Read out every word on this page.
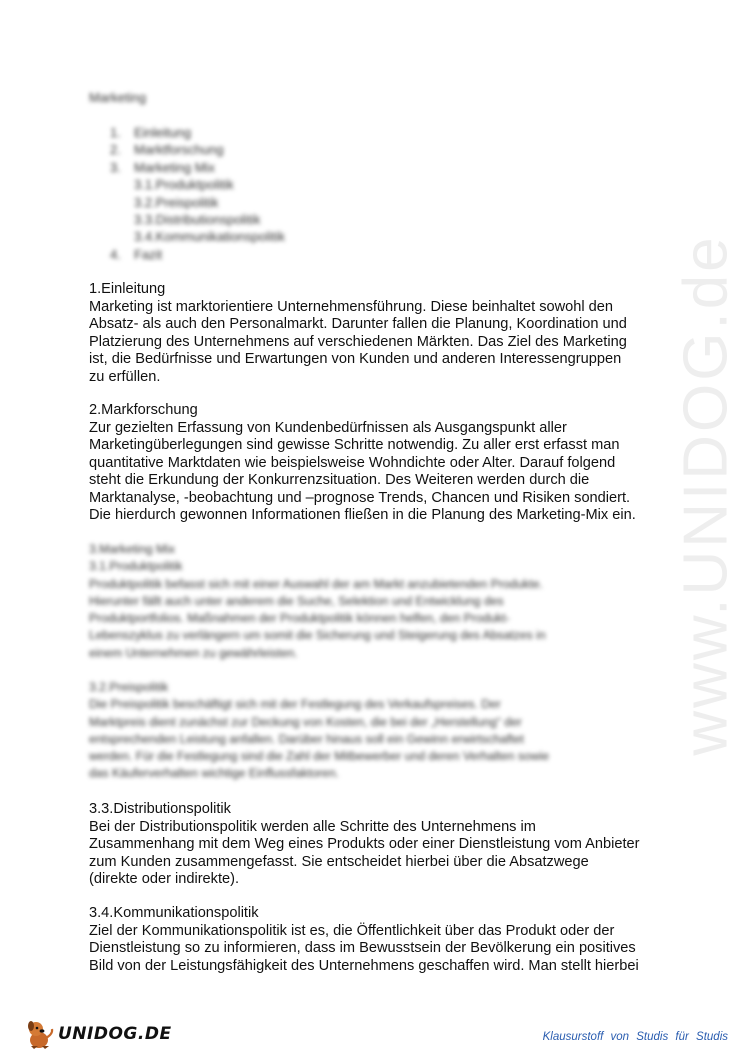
www.UNIDOG.de
Marketing
1. Einleitung
2. Marktforschung
3. Marketing Mix
3.1.Produktpolitik
3.2.Preispolitik
3.3.Distributionspolitik
3.4.Kommunikationspolitik
4. Fazit
1.Einleitung
Marketing ist marktorientiere Unternehmensführung. Diese beinhaltet sowohl den
Absatz- als auch den Personalmarkt. Darunter fallen die Planung, Koordination und
Platzierung des Unternehmens auf verschiedenen Märkten. Das Ziel des Marketing
ist, die Bedürfnisse und Erwartungen von Kunden und anderen Interessengruppen
zu erfüllen.
2.Markforschung
Zur gezielten Erfassung von Kundenbedürfnissen als Ausgangspunkt aller
Marketingüberlegungen sind gewisse Schritte notwendig. Zu aller erst erfasst man
quantitative Marktdaten wie beispielsweise Wohndichte oder Alter. Darauf folgend
steht die Erkundung der Konkurrenzsituation. Des Weiteren werden durch die
Marktanalyse, -beobachtung und –prognose Trends, Chancen und Risiken sondiert.
Die hierdurch gewonnen Informationen fließen in die Planung des Marketing-Mix ein.
3.Marketing Mix
3.1.Produktpolitik
Produktpolitik befasst sich mit einer Auswahl der am Markt anzubietenden Produkte.
Hierunter fällt auch unter anderem die Suche, Selektion und Entwicklung des
Produktportfolios. Maßnahmen der Produktpolitik können helfen, den Produkt-
Lebenszyklus zu verlängern um somit die Sicherung und Steigerung des Absatzes in
einem Unternehmen zu gewährleisten.
3.2.Preispolitik
Die Preispolitik beschäftigt sich mit der Festlegung des Verkaufspreises. Der
Marktpreis dient zunächst zur Deckung von Kosten, die bei der „Herstellung“ der
entsprechenden Leistung anfallen. Darüber hinaus soll ein Gewinn erwirtschaftet
werden. Für die Festlegung sind die Zahl der Mitbewerber und deren Verhalten sowie
das Käuferverhalten wichtige Einflussfaktoren.
3.3.Distributionspolitik
Bei der Distributionspolitik werden alle Schritte des Unternehmens im
Zusammenhang mit dem Weg eines Produkts oder einer Dienstleistung vom Anbieter
zum Kunden zusammengefasst. Sie entscheidet hierbei über die Absatzwege
(direkte oder indirekte).
3.4.Kommunikationspolitik
Ziel der Kommunikationspolitik ist es, die Öffentlichkeit über das Produkt oder der
Dienstleistung so zu informieren, dass im Bewusstsein der Bevölkerung ein positives
Bild von der Leistungsfähigkeit des Unternehmens geschaffen wird. Man stellt hierbei
UNIDOG.DE	Klausurstoff von Studis für Studis
